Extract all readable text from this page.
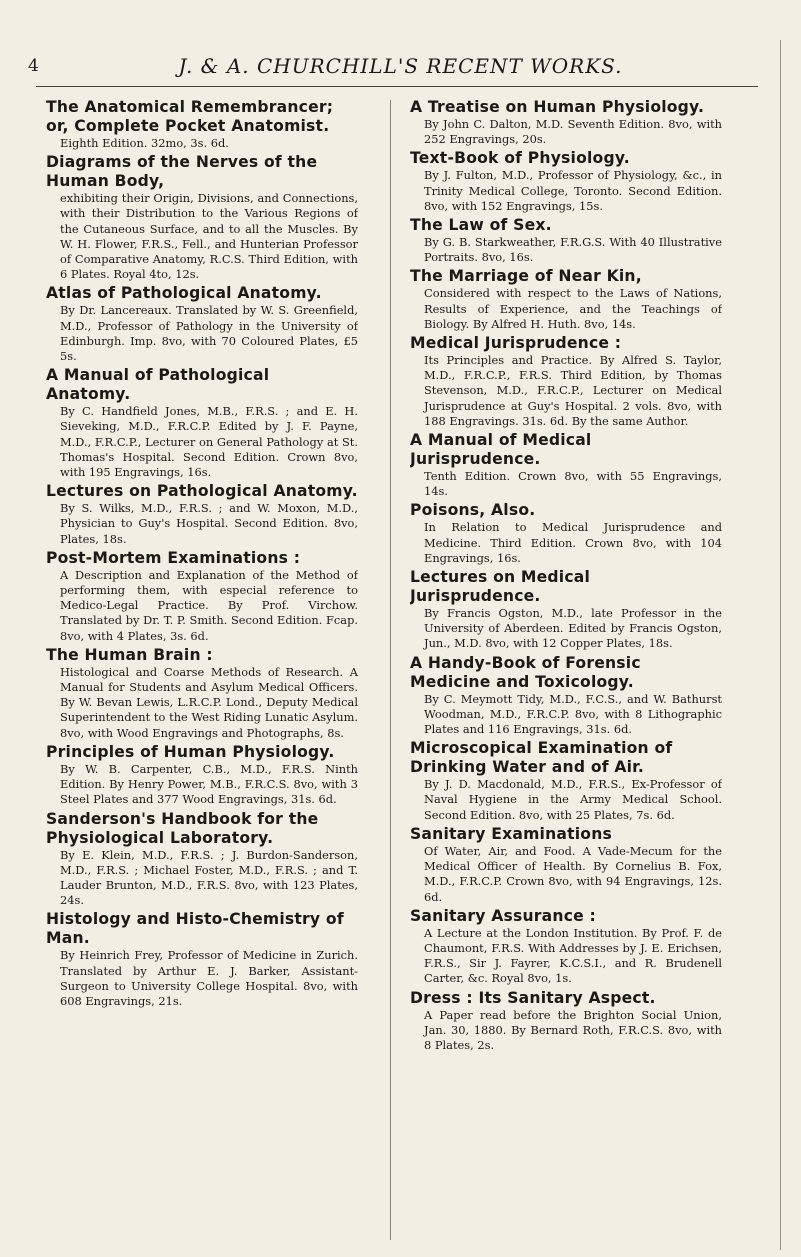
4	J. & A. CHURCHILL'S RECENT WORKS.
The Anatomical Remembrancer; or, Complete Pocket Anatomist.
Eighth Edition. 32mo, 3s. 6d.
Diagrams of the Nerves of the Human Body,
exhibiting their Origin, Divisions, and Connections, with their Distribution to the Various Regions of the Cutaneous Surface, and to all the Muscles. By W. H. Flower, F.R.S., Fell., and Hunterian Professor of Comparative Anatomy, R.C.S. Third Edition, with 6 Plates. Royal 4to, 12s.
Atlas of Pathological Anatomy.
By Dr. Lancereaux. Translated by W. S. Greenfield, M.D., Professor of Pathology in the University of Edinburgh. Imp. 8vo, with 70 Coloured Plates, £5 5s.
A Manual of Pathological Anatomy.
By C. Handfield Jones, M.B., F.R.S. ; and E. H. Sieveking, M.D., F.R.C.P. Edited by J. F. Payne, M.D., F.R.C.P., Lecturer on General Pathology at St. Thomas's Hospital. Second Edition. Crown 8vo, with 195 Engravings, 16s.
Lectures on Pathological Anatomy.
By S. Wilks, M.D., F.R.S. ; and W. Moxon, M.D., Physician to Guy's Hospital. Second Edition. 8vo, Plates, 18s.
Post-Mortem Examinations :
A Description and Explanation of the Method of performing them, with especial reference to Medico-Legal Practice. By Prof. Virchow. Translated by Dr. T. P. Smith. Second Edition. Fcap. 8vo, with 4 Plates, 3s. 6d.
The Human Brain :
Histological and Coarse Methods of Research. A Manual for Students and Asylum Medical Officers. By W. Bevan Lewis, L.R.C.P. Lond., Deputy Medical Superintendent to the West Riding Lunatic Asylum. 8vo, with Wood Engravings and Photographs, 8s.
Principles of Human Physiology.
By W. B. Carpenter, C.B., M.D., F.R.S. Ninth Edition. By Henry Power, M.B., F.R.C.S. 8vo, with 3 Steel Plates and 377 Wood Engravings, 31s. 6d.
Sanderson's Handbook for the Physiological Laboratory.
By E. Klein, M.D., F.R.S. ; J. Burdon-Sanderson, M.D., F.R.S. ; Michael Foster, M.D., F.R.S. ; and T. Lauder Brunton, M.D., F.R.S. 8vo, with 123 Plates, 24s.
Histology and Histo-Chemistry of Man.
By Heinrich Frey, Professor of Medicine in Zurich. Translated by Arthur E. J. Barker, Assistant-Surgeon to University College Hospital. 8vo, with 608 Engravings, 21s.
A Treatise on Human Physiology.
By John C. Dalton, M.D. Seventh Edition. 8vo, with 252 Engravings, 20s.
Text-Book of Physiology.
By J. Fulton, M.D., Professor of Physiology, &c., in Trinity Medical College, Toronto. Second Edition. 8vo, with 152 Engravings, 15s.
The Law of Sex.
By G. B. Starkweather, F.R.G.S. With 40 Illustrative Portraits. 8vo, 16s.
The Marriage of Near Kin,
Considered with respect to the Laws of Nations, Results of Experience, and the Teachings of Biology. By Alfred H. Huth. 8vo, 14s.
Medical Jurisprudence :
Its Principles and Practice. By Alfred S. Taylor, M.D., F.R.C.P., F.R.S. Third Edition, by Thomas Stevenson, M.D., F.R.C.P., Lecturer on Medical Jurisprudence at Guy's Hospital. 2 vols. 8vo, with 188 Engravings. 31s. 6d. By the same Author.
A Manual of Medical Jurisprudence.
Tenth Edition. Crown 8vo, with 55 Engravings, 14s.
Poisons, Also.
In Relation to Medical Jurisprudence and Medicine. Third Edition. Crown 8vo, with 104 Engravings, 16s.
Lectures on Medical Jurisprudence.
By Francis Ogston, M.D., late Professor in the University of Aberdeen. Edited by Francis Ogston, Jun., M.D. 8vo, with 12 Copper Plates, 18s.
A Handy-Book of Forensic Medicine and Toxicology.
By C. Meymott Tidy, M.D., F.C.S., and W. Bathurst Woodman, M.D., F.R.C.P. 8vo, with 8 Lithographic Plates and 116 Engravings, 31s. 6d.
Microscopical Examination of Drinking Water and of Air.
By J. D. Macdonald, M.D., F.R.S., Ex-Professor of Naval Hygiene in the Army Medical School. Second Edition. 8vo, with 25 Plates, 7s. 6d.
Sanitary Examinations
Of Water, Air, and Food. A Vade-Mecum for the Medical Officer of Health. By Cornelius B. Fox, M.D., F.R.C.P. Crown 8vo, with 94 Engravings, 12s. 6d.
Sanitary Assurance :
A Lecture at the London Institution. By Prof. F. de Chaumont, F.R.S. With Addresses by J. E. Erichsen, F.R.S., Sir J. Fayrer, K.C.S.I., and R. Brudenell Carter, &c. Royal 8vo, 1s.
Dress : Its Sanitary Aspect.
A Paper read before the Brighton Social Union, Jan. 30, 1880. By Bernard Roth, F.R.C.S. 8vo, with 8 Plates, 2s.
